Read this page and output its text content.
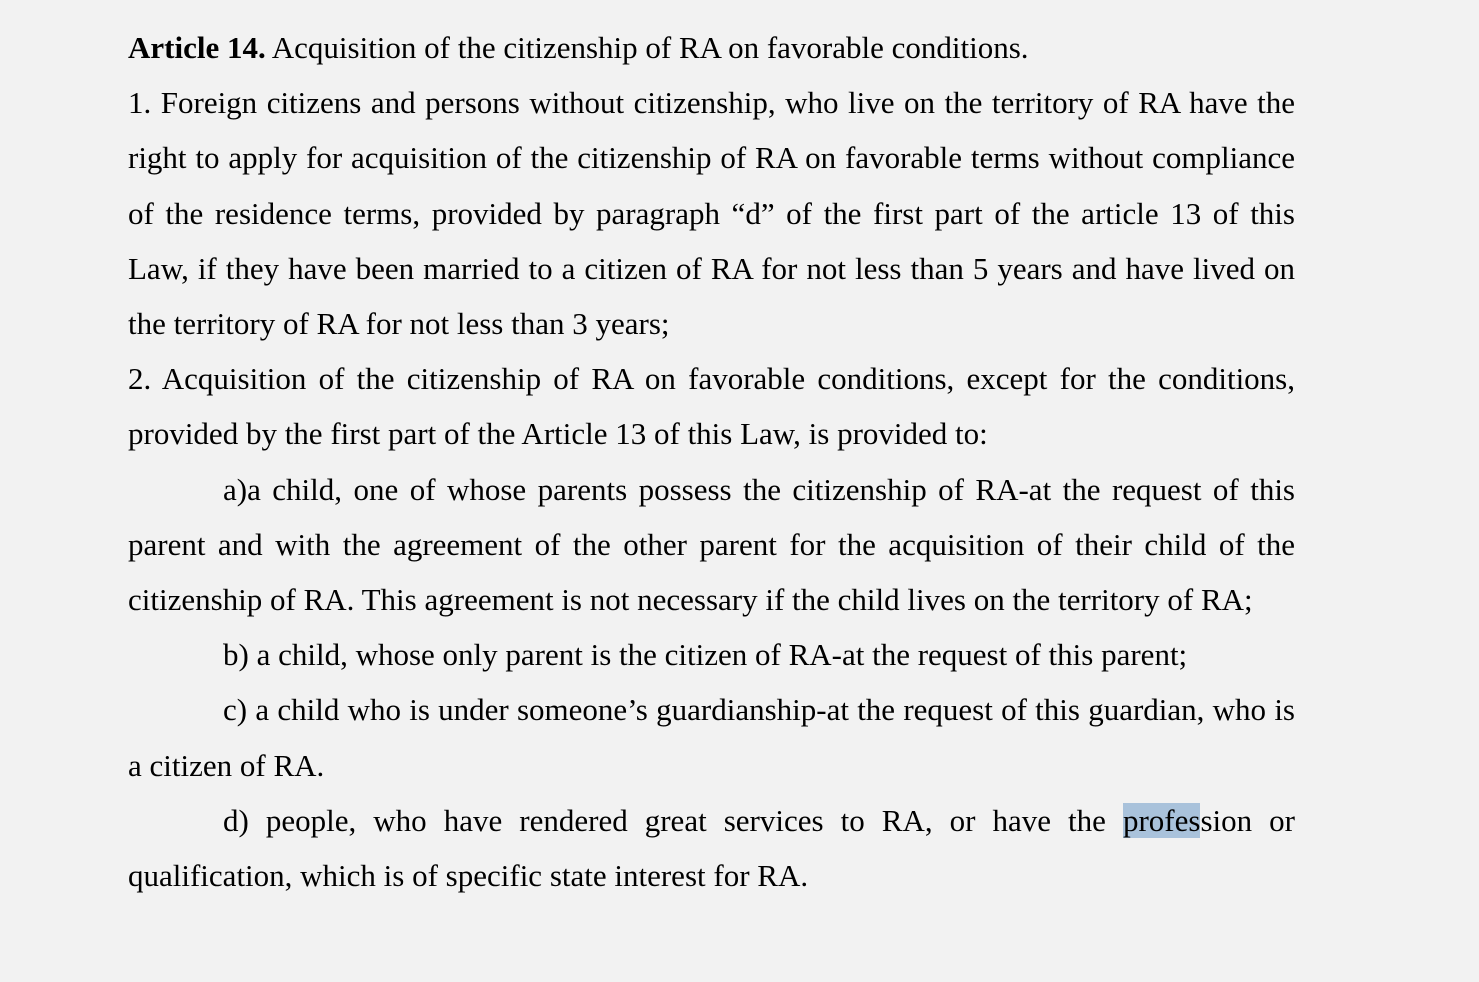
Article 14. Acquisition of the citizenship of RA on favorable conditions.

1. Foreign citizens and persons without citizenship, who live on the territory of RA have the right to apply for acquisition of the citizenship of RA on favorable terms without compliance of the residence terms, provided by paragraph “d” of the first part of the article 13 of this Law, if they have been married to a citizen of RA for not less than 5 years and have lived on the territory of RA for not less than 3 years;

2. Acquisition of the citizenship of RA on favorable conditions, except for the conditions, provided by the first part of the Article 13 of this Law, is provided to:

a)a child, one of whose parents possess the citizenship of RA-at the request of this parent and with the agreement of the other parent for the acquisition of their child of the citizenship of RA. This agreement is not necessary if the child lives on the territory of RA;

b) a child, whose only parent is the citizen of RA-at the request of this parent;

c) a child who is under someone’s guardianship-at the request of this guardian, who is a citizen of RA.

d) people, who have rendered great services to RA, or have the profession or qualification, which is of specific state interest for RA.
